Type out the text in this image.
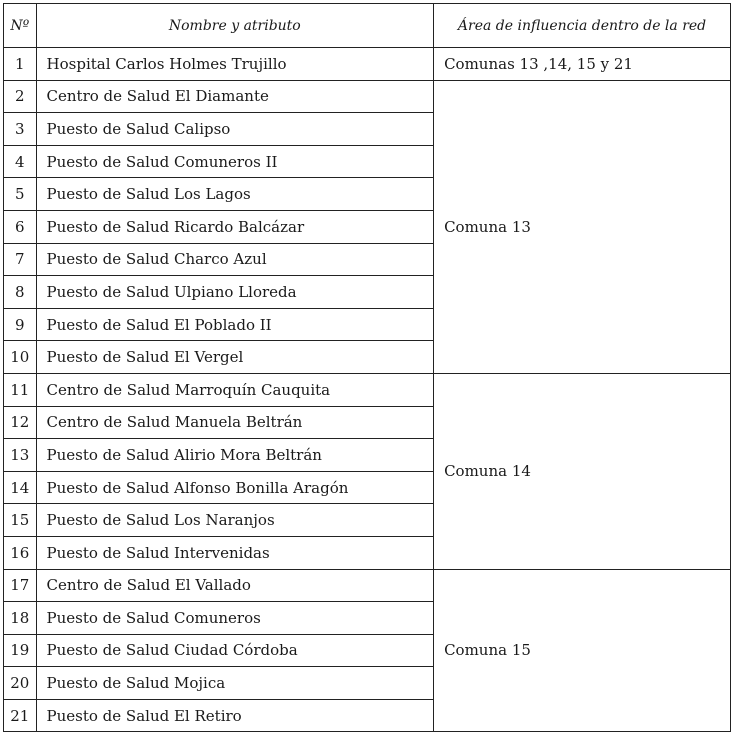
Nº	Nombre y atributo	Área de influencia dentro de la red
1	Hospital Carlos Holmes Trujillo	Comunas 13 ,14, 15 y 21
2	Centro de Salud El Diamante	Comuna 13
3	Puesto de Salud Calipso	
4	Puesto de Salud Comuneros II	
5	Puesto de Salud Los Lagos	
6	Puesto de Salud Ricardo Balcázar	
7	Puesto de Salud Charco Azul	
8	Puesto de Salud Ulpiano Lloreda	
9	Puesto de Salud El Poblado II	
10	Puesto de Salud El Vergel	
11	Centro de Salud Marroquín Cauquita	Comuna 14
12	Centro de Salud Manuela Beltrán	
13	Puesto de Salud Alirio Mora Beltrán	
14	Puesto de Salud Alfonso Bonilla Aragón	
15	Puesto de Salud Los Naranjos	
16	Puesto de Salud Intervenidas	
17	Centro de Salud El Vallado	Comuna 15
18	Puesto de Salud Comuneros	
19	Puesto de Salud Ciudad Córdoba	
20	Puesto de Salud Mojica	
21	Puesto de Salud El Retiro	
